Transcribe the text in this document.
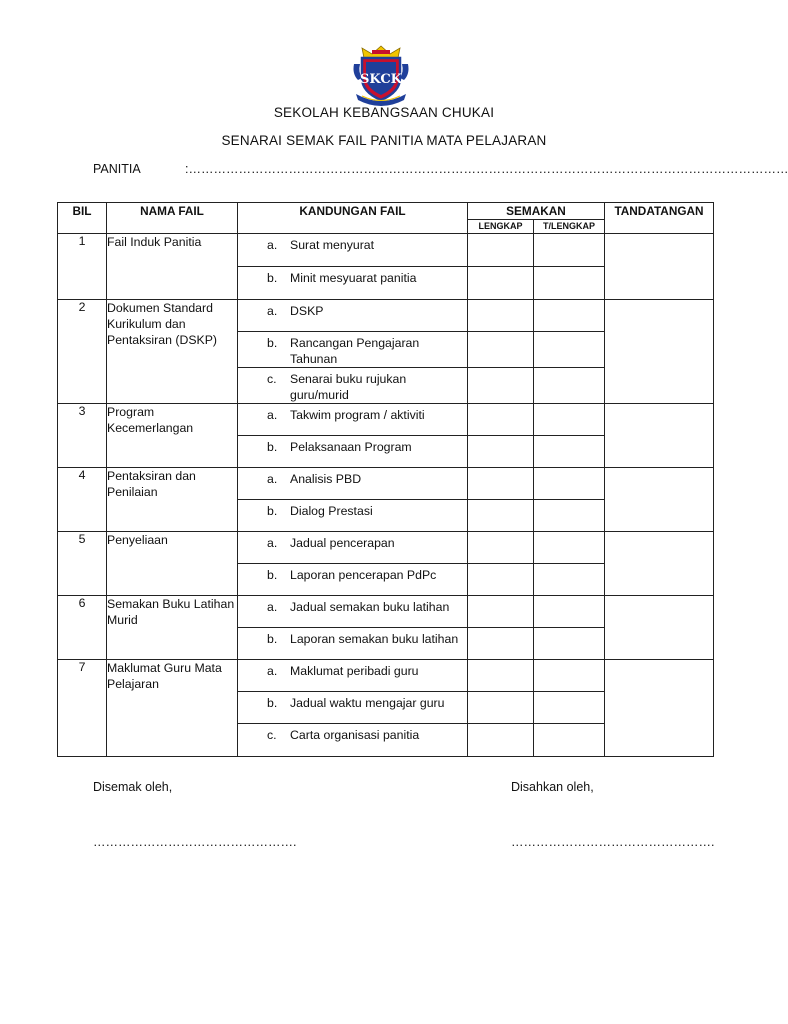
SKCK
SEKOLAH KEBANGSAAN CHUKAI
SENARAI SEMAK FAIL PANITIA MATA PELAJARAN
PANITIA	:………………………………………………………………………………………………………………………………
BIL	NAMA FAIL	KANDUNGAN FAIL	SEMAKAN		TANDATANGAN
			LENGKAP	T/LENGKAP	
1	Fail Induk Panitia	a. Surat menyurat			

		b. Minit mesyuarat panitia			

2	Dokumen Standard Kurikulum dan Pentaksiran (DSKP)	a. DSKP			

		b. Rancangan Pengajaran Tahunan			

		c. Senarai buku rujukan guru/murid			

3	Program Kecemerlangan	a. Takwim program / aktiviti			

		b. Pelaksanaan Program			

4	Pentaksiran dan Penilaian	a. Analisis PBD			

		b. Dialog Prestasi			

5	Penyeliaan	a. Jadual pencerapan			

		b. Laporan pencerapan PdPc			

6	Semakan Buku Latihan Murid	a. Jadual semakan buku latihan			

		b. Laporan semakan buku latihan			

7	Maklumat Guru Mata Pelajaran	a. Maklumat peribadi guru			

		b. Jadual waktu mengajar guru			

		c. Carta organisasi panitia			

Disemak oleh,	Disahkan oleh,
………………………………………….	………………………………………….
